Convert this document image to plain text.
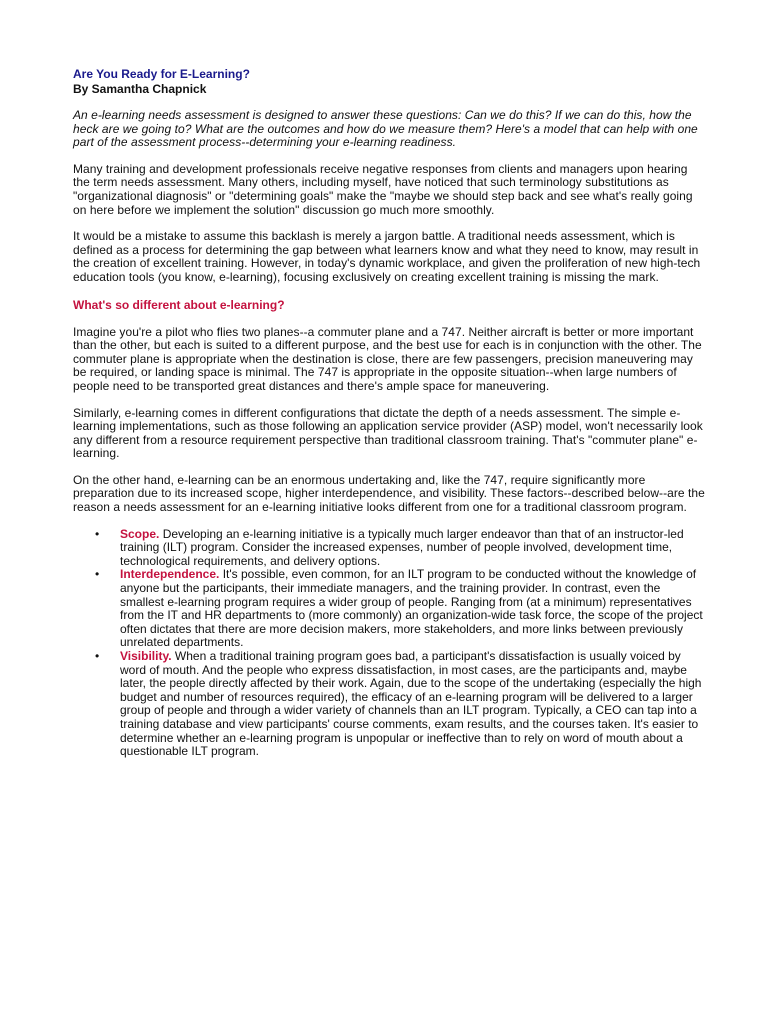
Are You Ready for E-Learning?
By Samantha Chapnick

An e-learning needs assessment is designed to answer these questions: Can we do this? If we can do this, how the heck are we going to? What are the outcomes and how do we measure them? Here's a model that can help with one part of the assessment process--determining your e-learning readiness.

Many training and development professionals receive negative responses from clients and managers upon hearing the term needs assessment. Many others, including myself, have noticed that such terminology substitutions as "organizational diagnosis" or "determining goals" make the "maybe we should step back and see what's really going on here before we implement the solution" discussion go much more smoothly.

It would be a mistake to assume this backlash is merely a jargon battle. A traditional needs assessment, which is defined as a process for determining the gap between what learners know and what they need to know, may result in the creation of excellent training. However, in today's dynamic workplace, and given the proliferation of new high-tech education tools (you know, e-learning), focusing exclusively on creating excellent training is missing the mark.

What's so different about e-learning?

Imagine you're a pilot who flies two planes--a commuter plane and a 747. Neither aircraft is better or more important than the other, but each is suited to a different purpose, and the best use for each is in conjunction with the other. The commuter plane is appropriate when the destination is close, there are few passengers, precision maneuvering may be required, or landing space is minimal. The 747 is appropriate in the opposite situation--when large numbers of people need to be transported great distances and there's ample space for maneuvering.

Similarly, e-learning comes in different configurations that dictate the depth of a needs assessment. The simple e-learning implementations, such as those following an application service provider (ASP) model, won't necessarily look any different from a resource requirement perspective than traditional classroom training. That's "commuter plane" e-learning.

On the other hand, e-learning can be an enormous undertaking and, like the 747, require significantly more preparation due to its increased scope, higher interdependence, and visibility. These factors--described below--are the reason a needs assessment for an e-learning initiative looks different from one for a traditional classroom program.

• Scope. Developing an e-learning initiative is a typically much larger endeavor than that of an instructor-led training (ILT) program. Consider the increased expenses, number of people involved, development time, technological requirements, and delivery options.
• Interdependence. It's possible, even common, for an ILT program to be conducted without the knowledge of anyone but the participants, their immediate managers, and the training provider. In contrast, even the smallest e-learning program requires a wider group of people. Ranging from (at a minimum) representatives from the IT and HR departments to (more commonly) an organization-wide task force, the scope of the project often dictates that there are more decision makers, more stakeholders, and more links between previously unrelated departments.
• Visibility. When a traditional training program goes bad, a participant's dissatisfaction is usually voiced by word of mouth. And the people who express dissatisfaction, in most cases, are the participants and, maybe later, the people directly affected by their work. Again, due to the scope of the undertaking (especially the high budget and number of resources required), the efficacy of an e-learning program will be delivered to a larger group of people and through a wider variety of channels than an ILT program. Typically, a CEO can tap into a training database and view participants' course comments, exam results, and the courses taken. It's easier to determine whether an e-learning program is unpopular or ineffective than to rely on word of mouth about a questionable ILT program.
